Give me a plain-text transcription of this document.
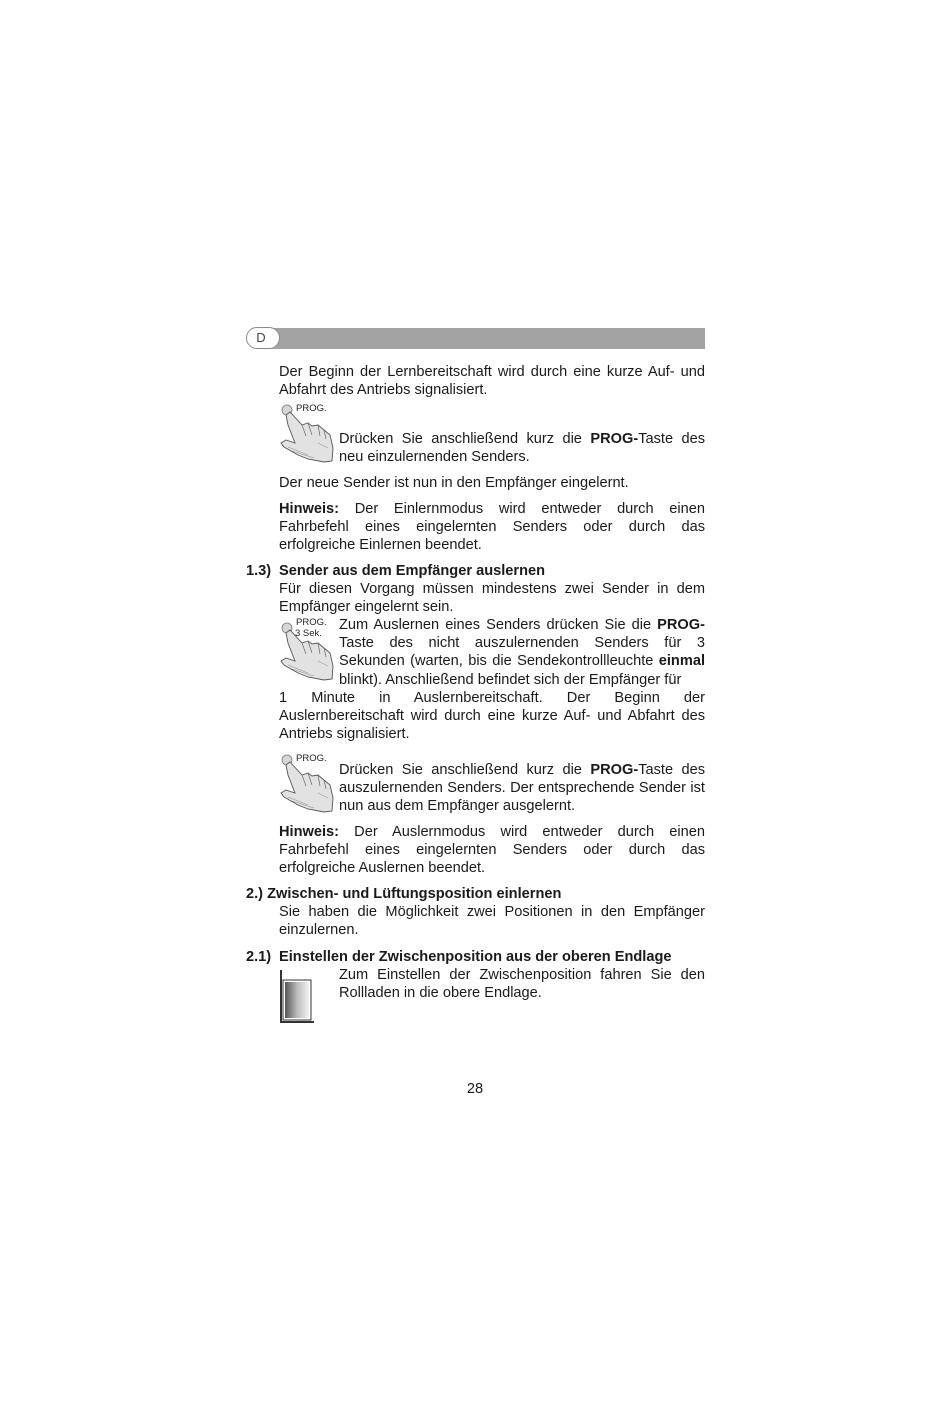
D
Der Beginn der Lernbereitschaft wird durch eine kurze Auf- und Abfahrt des Antriebs signalisiert.
PROG.
Drücken Sie anschließend kurz die PROG-Taste des neu einzulernenden Senders.
Der neue Sender ist nun in den Empfänger eingelernt.
Hinweis: Der Einlernmodus wird entweder durch einen Fahrbefehl eines eingelernten Senders oder durch das erfolgreiche Einlernen beendet.
1.3) Sender aus dem Empfänger auslernen
Für diesen Vorgang müssen mindestens zwei Sender in dem Empfänger eingelernt sein.
PROG.
3 Sek.
Zum Auslernen eines Senders drücken Sie die PROG-Taste des nicht auszulernenden Senders für 3 Sekunden (warten, bis die Sendekontrollleuchte einmal blinkt). Anschließend befindet sich der Empfänger für
1 Minute in Auslernbereitschaft. Der Beginn der Auslernbereitschaft wird durch eine kurze Auf- und Abfahrt des Antriebs signalisiert.
PROG.
Drücken Sie anschließend kurz die PROG-Taste des auszulernenden Senders. Der entsprechende Sender ist nun aus dem Empfänger ausgelernt.
Hinweis: Der Auslernmodus wird entweder durch einen Fahrbefehl eines eingelernten Senders oder durch das erfolgreiche Auslernen beendet.
2.) Zwischen- und Lüftungsposition einlernen
Sie haben die Möglichkeit zwei Positionen in den Empfänger einzulernen.
2.1) Einstellen der Zwischenposition aus der oberen Endlage
Zum Einstellen der Zwischenposition fahren Sie den Rollladen in die obere Endlage.
28
